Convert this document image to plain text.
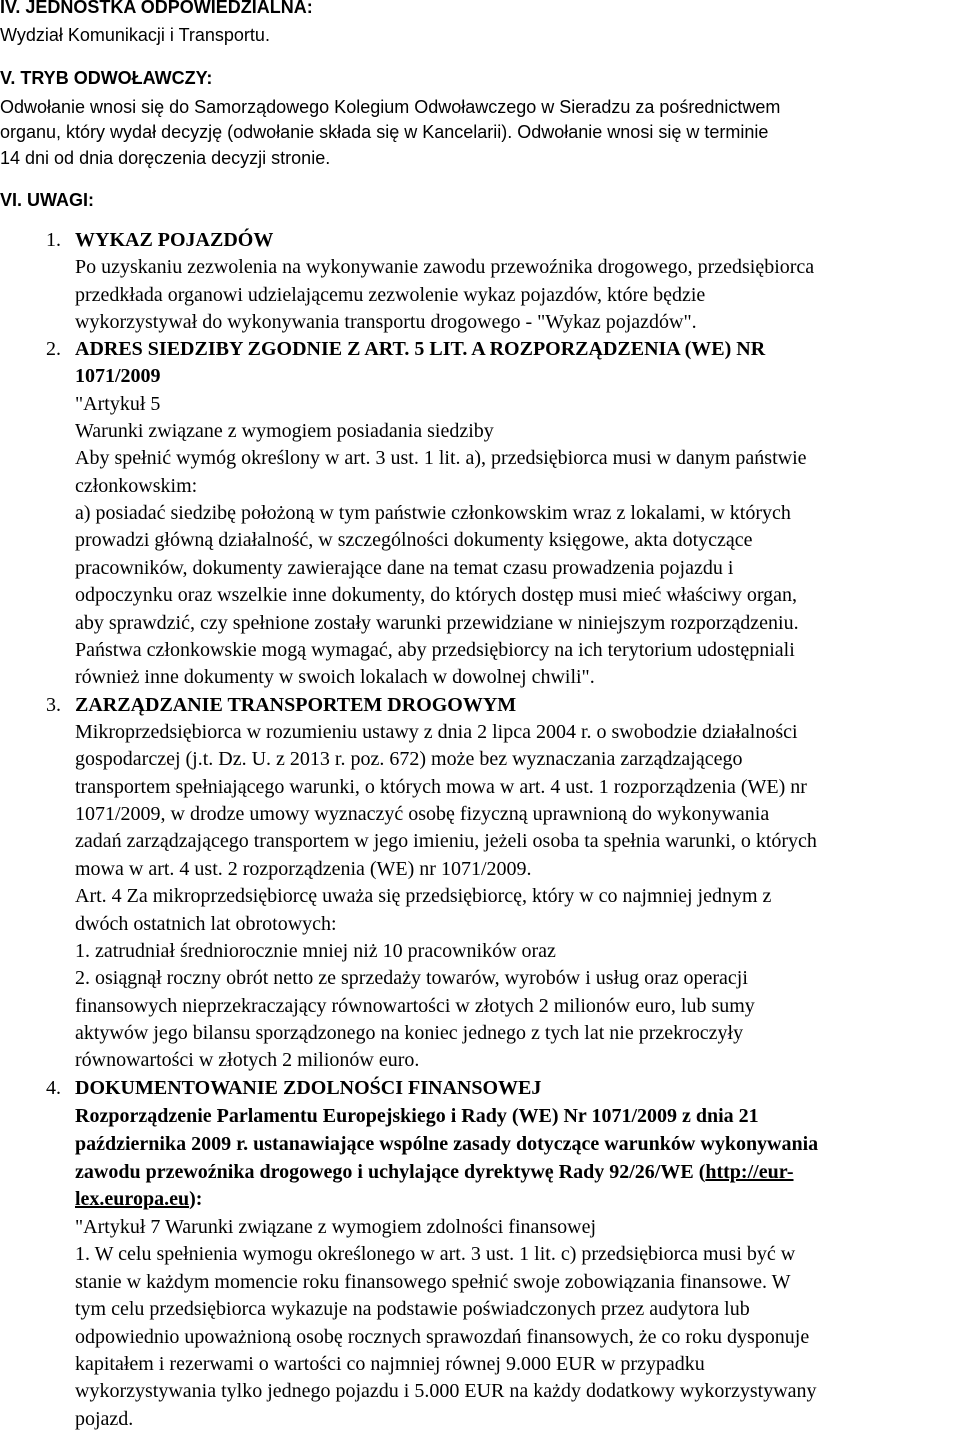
IV. JEDNOSTKA ODPOWIEDZIALNA:
Wydział Komunikacji i Transportu.
V. TRYB ODWOŁAWCZY:
Odwołanie wnosi się do Samorządowego Kolegium Odwoławczego w Sieradzu za pośrednictwem
organu, który wydał decyzję (odwołanie składa się w Kancelarii). Odwołanie wnosi się w terminie
14 dni od dnia doręczenia decyzji stronie.
VI. UWAGI:
1. WYKAZ POJAZDÓW
Po uzyskaniu zezwolenia na wykonywanie zawodu przewoźnika drogowego, przedsiębiorca
przedkłada organowi udzielającemu zezwolenie wykaz pojazdów, które będzie
wykorzystywał do wykonywania transportu drogowego - "Wykaz pojazdów".
2. ADRES SIEDZIBY ZGODNIE Z ART. 5 LIT. A ROZPORZĄDZENIA (WE) NR
1071/2009
"Artykuł 5
Warunki związane z wymogiem posiadania siedziby
Aby spełnić wymóg określony w art. 3 ust. 1 lit. a), przedsiębiorca musi w danym państwie
członkowskim:
a) posiadać siedzibę położoną w tym państwie członkowskim wraz z lokalami, w których
prowadzi główną działalność, w szczególności dokumenty księgowe, akta dotyczące
pracowników, dokumenty zawierające dane na temat czasu prowadzenia pojazdu i
odpoczynku oraz wszelkie inne dokumenty, do których dostęp musi mieć właściwy organ,
aby sprawdzić, czy spełnione zostały warunki przewidziane w niniejszym rozporządzeniu.
Państwa członkowskie mogą wymagać, aby przedsiębiorcy na ich terytorium udostępniali
również inne dokumenty w swoich lokalach w dowolnej chwili".
3. ZARZĄDZANIE TRANSPORTEM DROGOWYM
Mikroprzedsiębiorca w rozumieniu ustawy z dnia 2 lipca 2004 r. o swobodzie działalności
gospodarczej (j.t. Dz. U. z 2013 r. poz. 672) może bez wyznaczania zarządzającego
transportem spełniającego warunki, o których mowa w art. 4 ust. 1 rozporządzenia (WE) nr
1071/2009, w drodze umowy wyznaczyć osobę fizyczną uprawnioną do wykonywania
zadań zarządzającego transportem w jego imieniu, jeżeli osoba ta spełnia warunki, o których
mowa w art. 4 ust. 2 rozporządzenia (WE) nr 1071/2009.
Art. 4 Za mikroprzedsiębiorcę uważa się przedsiębiorcę, który w co najmniej jednym z
dwóch ostatnich lat obrotowych:
1. zatrudniał średniorocznie mniej niż 10 pracowników oraz
2. osiągnął roczny obrót netto ze sprzedaży towarów, wyrobów i usług oraz operacji
finansowych nieprzekraczający równowartości w złotych 2 milionów euro, lub sumy
aktywów jego bilansu sporządzonego na koniec jednego z tych lat nie przekroczyły
równowartości w złotych 2 milionów euro.
4. DOKUMENTOWANIE ZDOLNOŚCI FINANSOWEJ
Rozporządzenie Parlamentu Europejskiego i Rady (WE) Nr 1071/2009 z dnia 21
października 2009 r. ustanawiające wspólne zasady dotyczące warunków wykonywania
zawodu przewoźnika drogowego i uchylające dyrektywę Rady 92/26/WE (http://eur-
lex.europa.eu):
"Artykuł 7 Warunki związane z wymogiem zdolności finansowej
1. W celu spełnienia wymogu określonego w art. 3 ust. 1 lit. c) przedsiębiorca musi być w
stanie w każdym momencie roku finansowego spełnić swoje zobowiązania finansowe. W
tym celu przedsiębiorca wykazuje na podstawie poświadczonych przez audytora lub
odpowiednio upoważnioną osobę rocznych sprawozdań finansowych, że co roku dysponuje
kapitałem i rezerwami o wartości co najmniej równej 9.000 EUR w przypadku
wykorzystywania tylko jednego pojazdu i 5.000 EUR na każdy dodatkowy wykorzystywany
pojazd.
